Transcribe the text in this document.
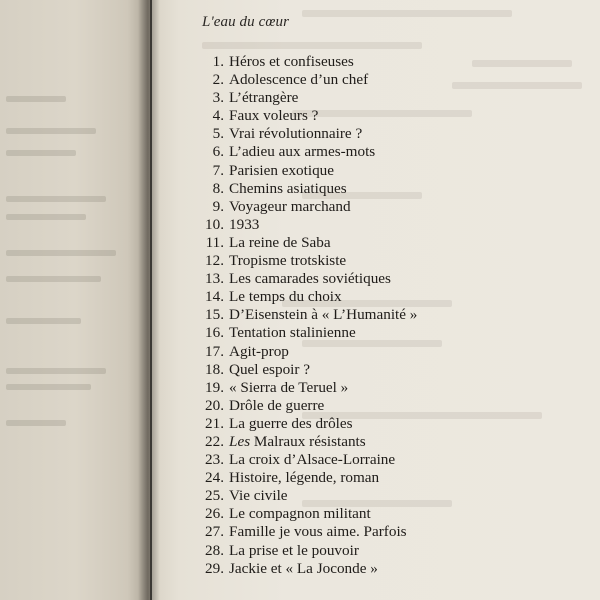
L'eau du cœur
1. Héros et confiseuses
2. Adolescence d’un chef
3. L’étrangère
4. Faux voleurs ?
5. Vrai révolutionnaire ?
6. L’adieu aux armes-mots
7. Parisien exotique
8. Chemins asiatiques
9. Voyageur marchand
10. 1933
11. La reine de Saba
12. Tropisme trotskiste
13. Les camarades soviétiques
14. Le temps du choix
15. D’Eisenstein à « L’Humanité »
16. Tentation stalinienne
17. Agit-prop
18. Quel espoir ?
19. « Sierra de Teruel »
20. Drôle de guerre
21. La guerre des drôles
22. Les Malraux résistants
23. La croix d’Alsace-Lorraine
24. Histoire, légende, roman
25. Vie civile
26. Le compagnon militant
27. Famille je vous aime. Parfois
28. La prise et le pouvoir
29. Jackie et « La Joconde »
